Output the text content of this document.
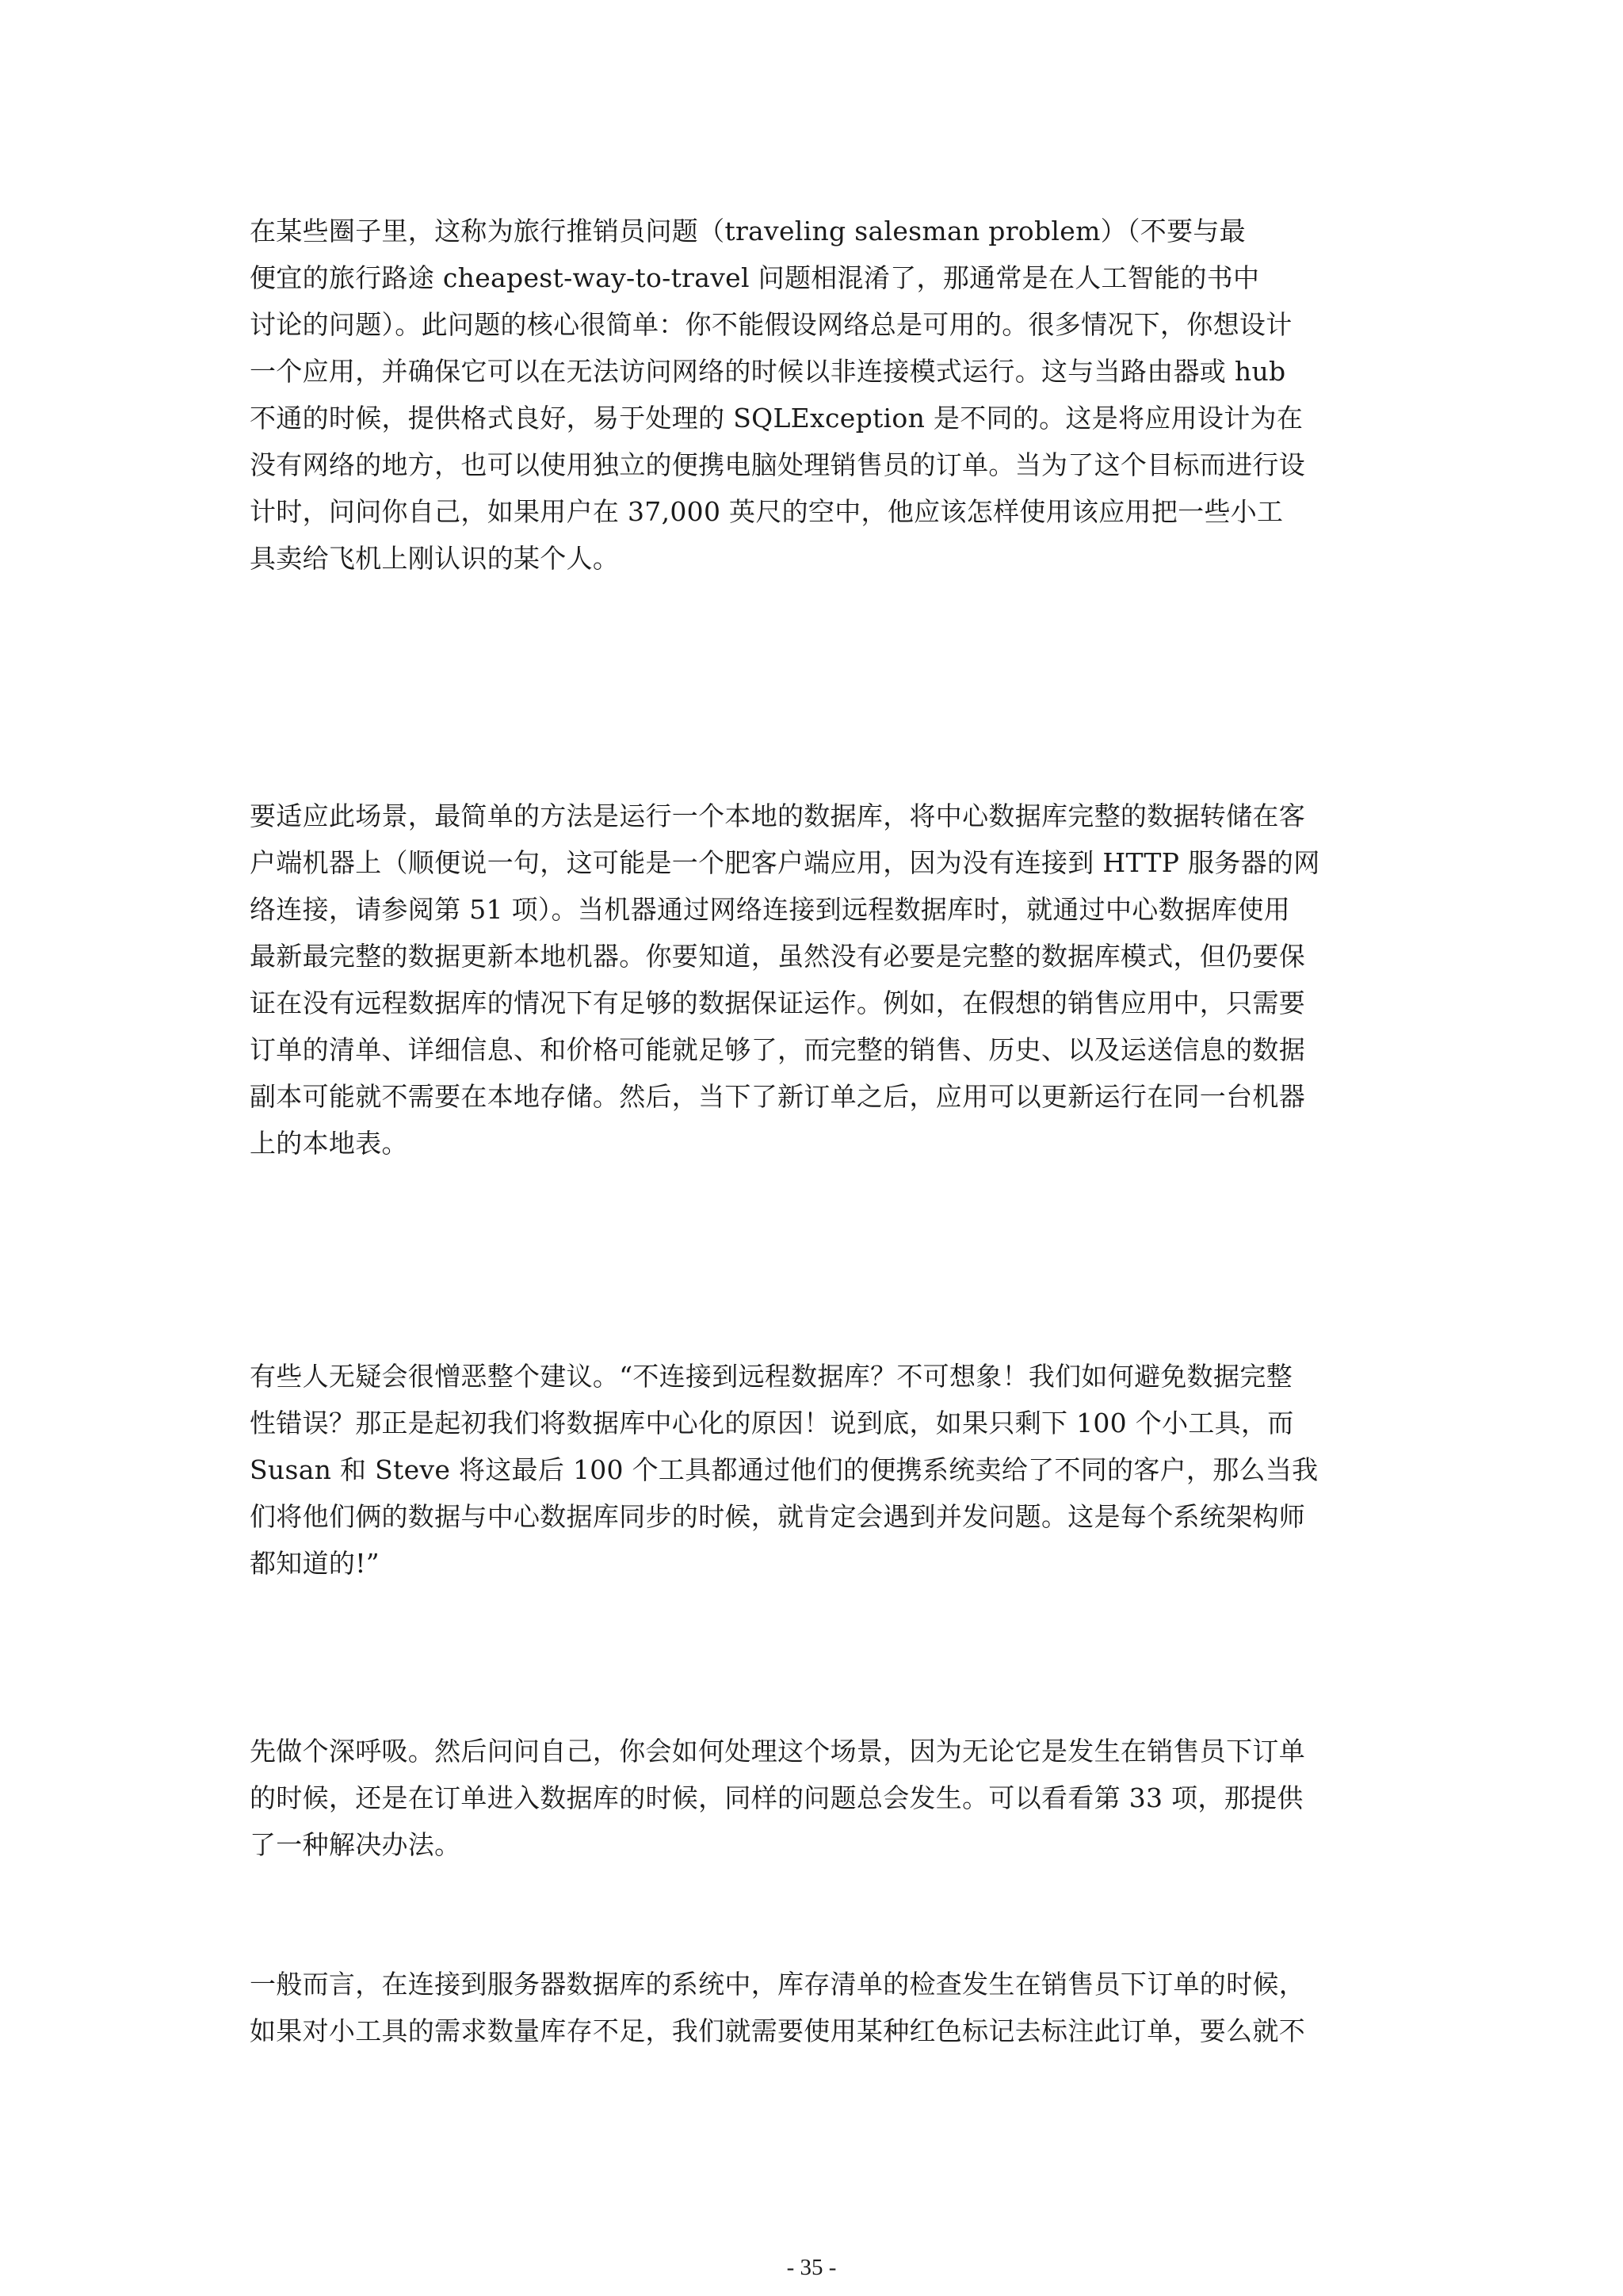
在某些圈子里，这称为旅行推销员问题（traveling salesman problem）（不要与最
便宜的旅行路途 cheapest-way-to-travel 问题相混淆了，那通常是在人工智能的书中
讨论的问题）。此问题的核心很简单：你不能假设网络总是可用的。很多情况下，你想设计
一个应用，并确保它可以在无法访问网络的时候以非连接模式运行。这与当路由器或 hub
不通的时候，提供格式良好，易于处理的 SQLException 是不同的。这是将应用设计为在
没有网络的地方，也可以使用独立的便携电脑处理销售员的订单。当为了这个目标而进行设
计时，问问你自己，如果用户在 37,000 英尺的空中，他应该怎样使用该应用把一些小工
具卖给飞机上刚认识的某个人。

要适应此场景，最简单的方法是运行一个本地的数据库，将中心数据库完整的数据转储在客
户端机器上（顺便说一句，这可能是一个肥客户端应用，因为没有连接到 HTTP 服务器的网
络连接，请参阅第 51 项）。当机器通过网络连接到远程数据库时，就通过中心数据库使用
最新最完整的数据更新本地机器。你要知道，虽然没有必要是完整的数据库模式，但仍要保
证在没有远程数据库的情况下有足够的数据保证运作。例如，在假想的销售应用中，只需要
订单的清单、详细信息、和价格可能就足够了，而完整的销售、历史、以及运送信息的数据
副本可能就不需要在本地存储。然后，当下了新订单之后，应用可以更新运行在同一台机器
上的本地表。

有些人无疑会很憎恶整个建议。“不连接到远程数据库？不可想象！我们如何避免数据完整
性错误？那正是起初我们将数据库中心化的原因！说到底，如果只剩下 100 个小工具，而
Susan 和 Steve 将这最后 100 个工具都通过他们的便携系统卖给了不同的客户，那么当我
们将他们俩的数据与中心数据库同步的时候，就肯定会遇到并发问题。这是每个系统架构师
都知道的!”

先做个深呼吸。然后问问自己，你会如何处理这个场景，因为无论它是发生在销售员下订单
的时候，还是在订单进入数据库的时候，同样的问题总会发生。可以看看第 33 项，那提供
了一种解决办法。

一般而言，在连接到服务器数据库的系统中，库存清单的检查发生在销售员下订单的时候，
如果对小工具的需求数量库存不足，我们就需要使用某种红色标记去标注此订单，要么就不

- 35 -
